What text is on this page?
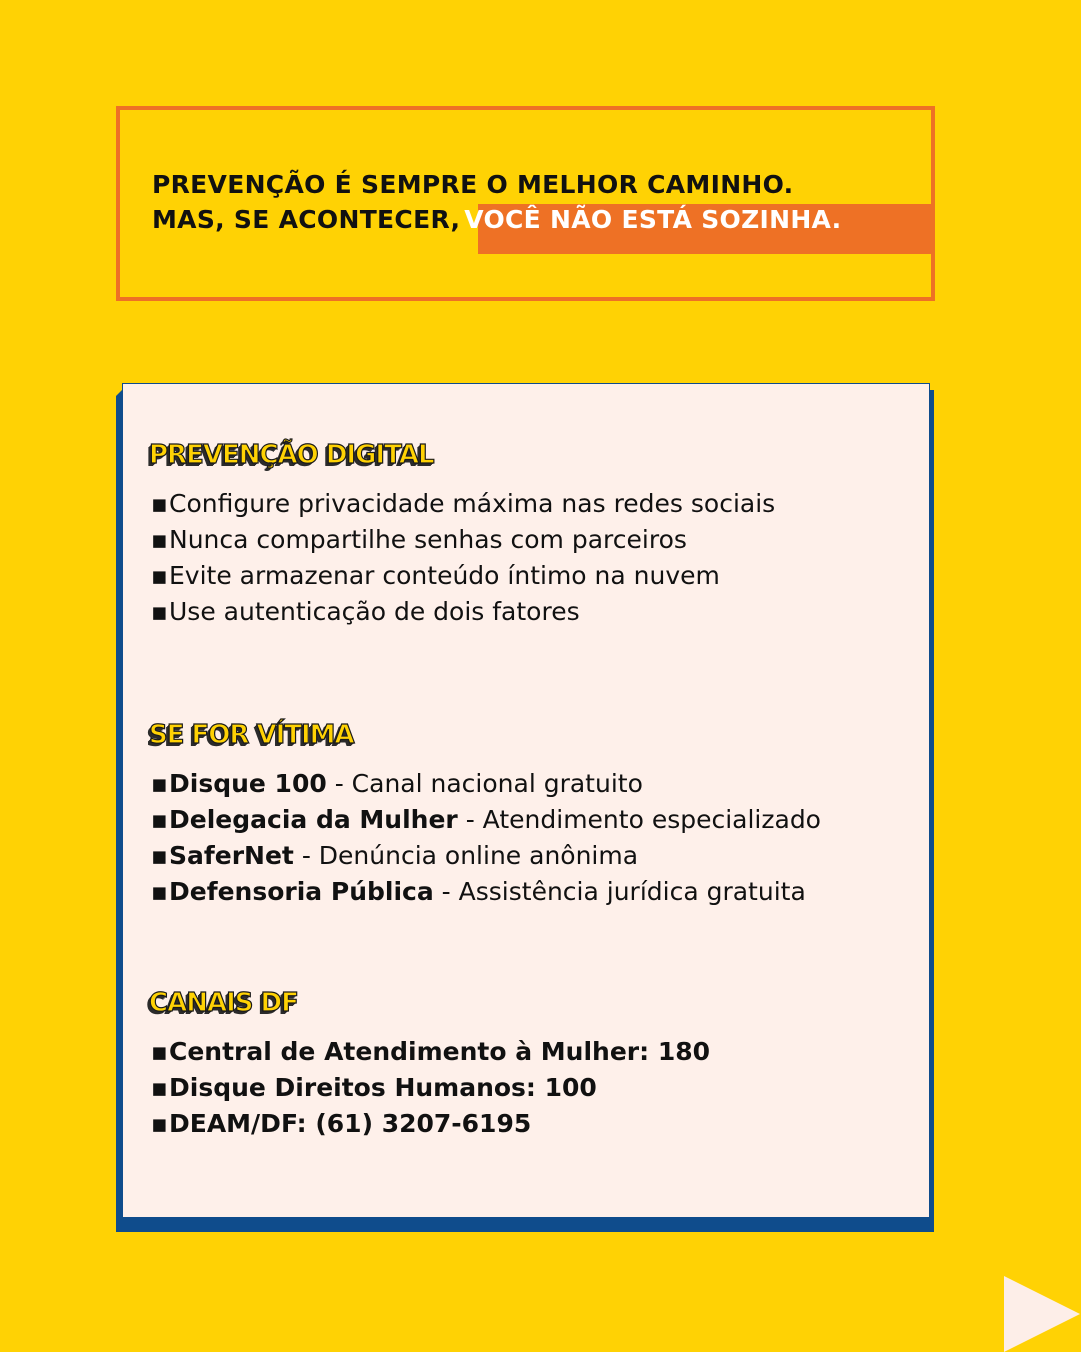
PREVENÇÃO É SEMPRE O MELHOR CAMINHO.

MAS, SE ACONTECER, VOCÊ NÃO ESTÁ SOZINHA.

PREVENÇÃO DIGITAL
▪Configure privacidade máxima nas redes sociais
▪Nunca compartilhe senhas com parceiros
▪Evite armazenar conteúdo íntimo na nuvem
▪Use autenticação de dois fatores
SE FOR VÍTIMA
▪Disque 100 - Canal nacional gratuito
▪Delegacia da Mulher - Atendimento especializado
▪SaferNet - Denúncia online anônima
▪Defensoria Pública - Assistência jurídica gratuita
CANAIS DF
▪Central de Atendimento à Mulher: 180
▪Disque Direitos Humanos: 100
▪DEAM/DF: (61) 3207-6195
